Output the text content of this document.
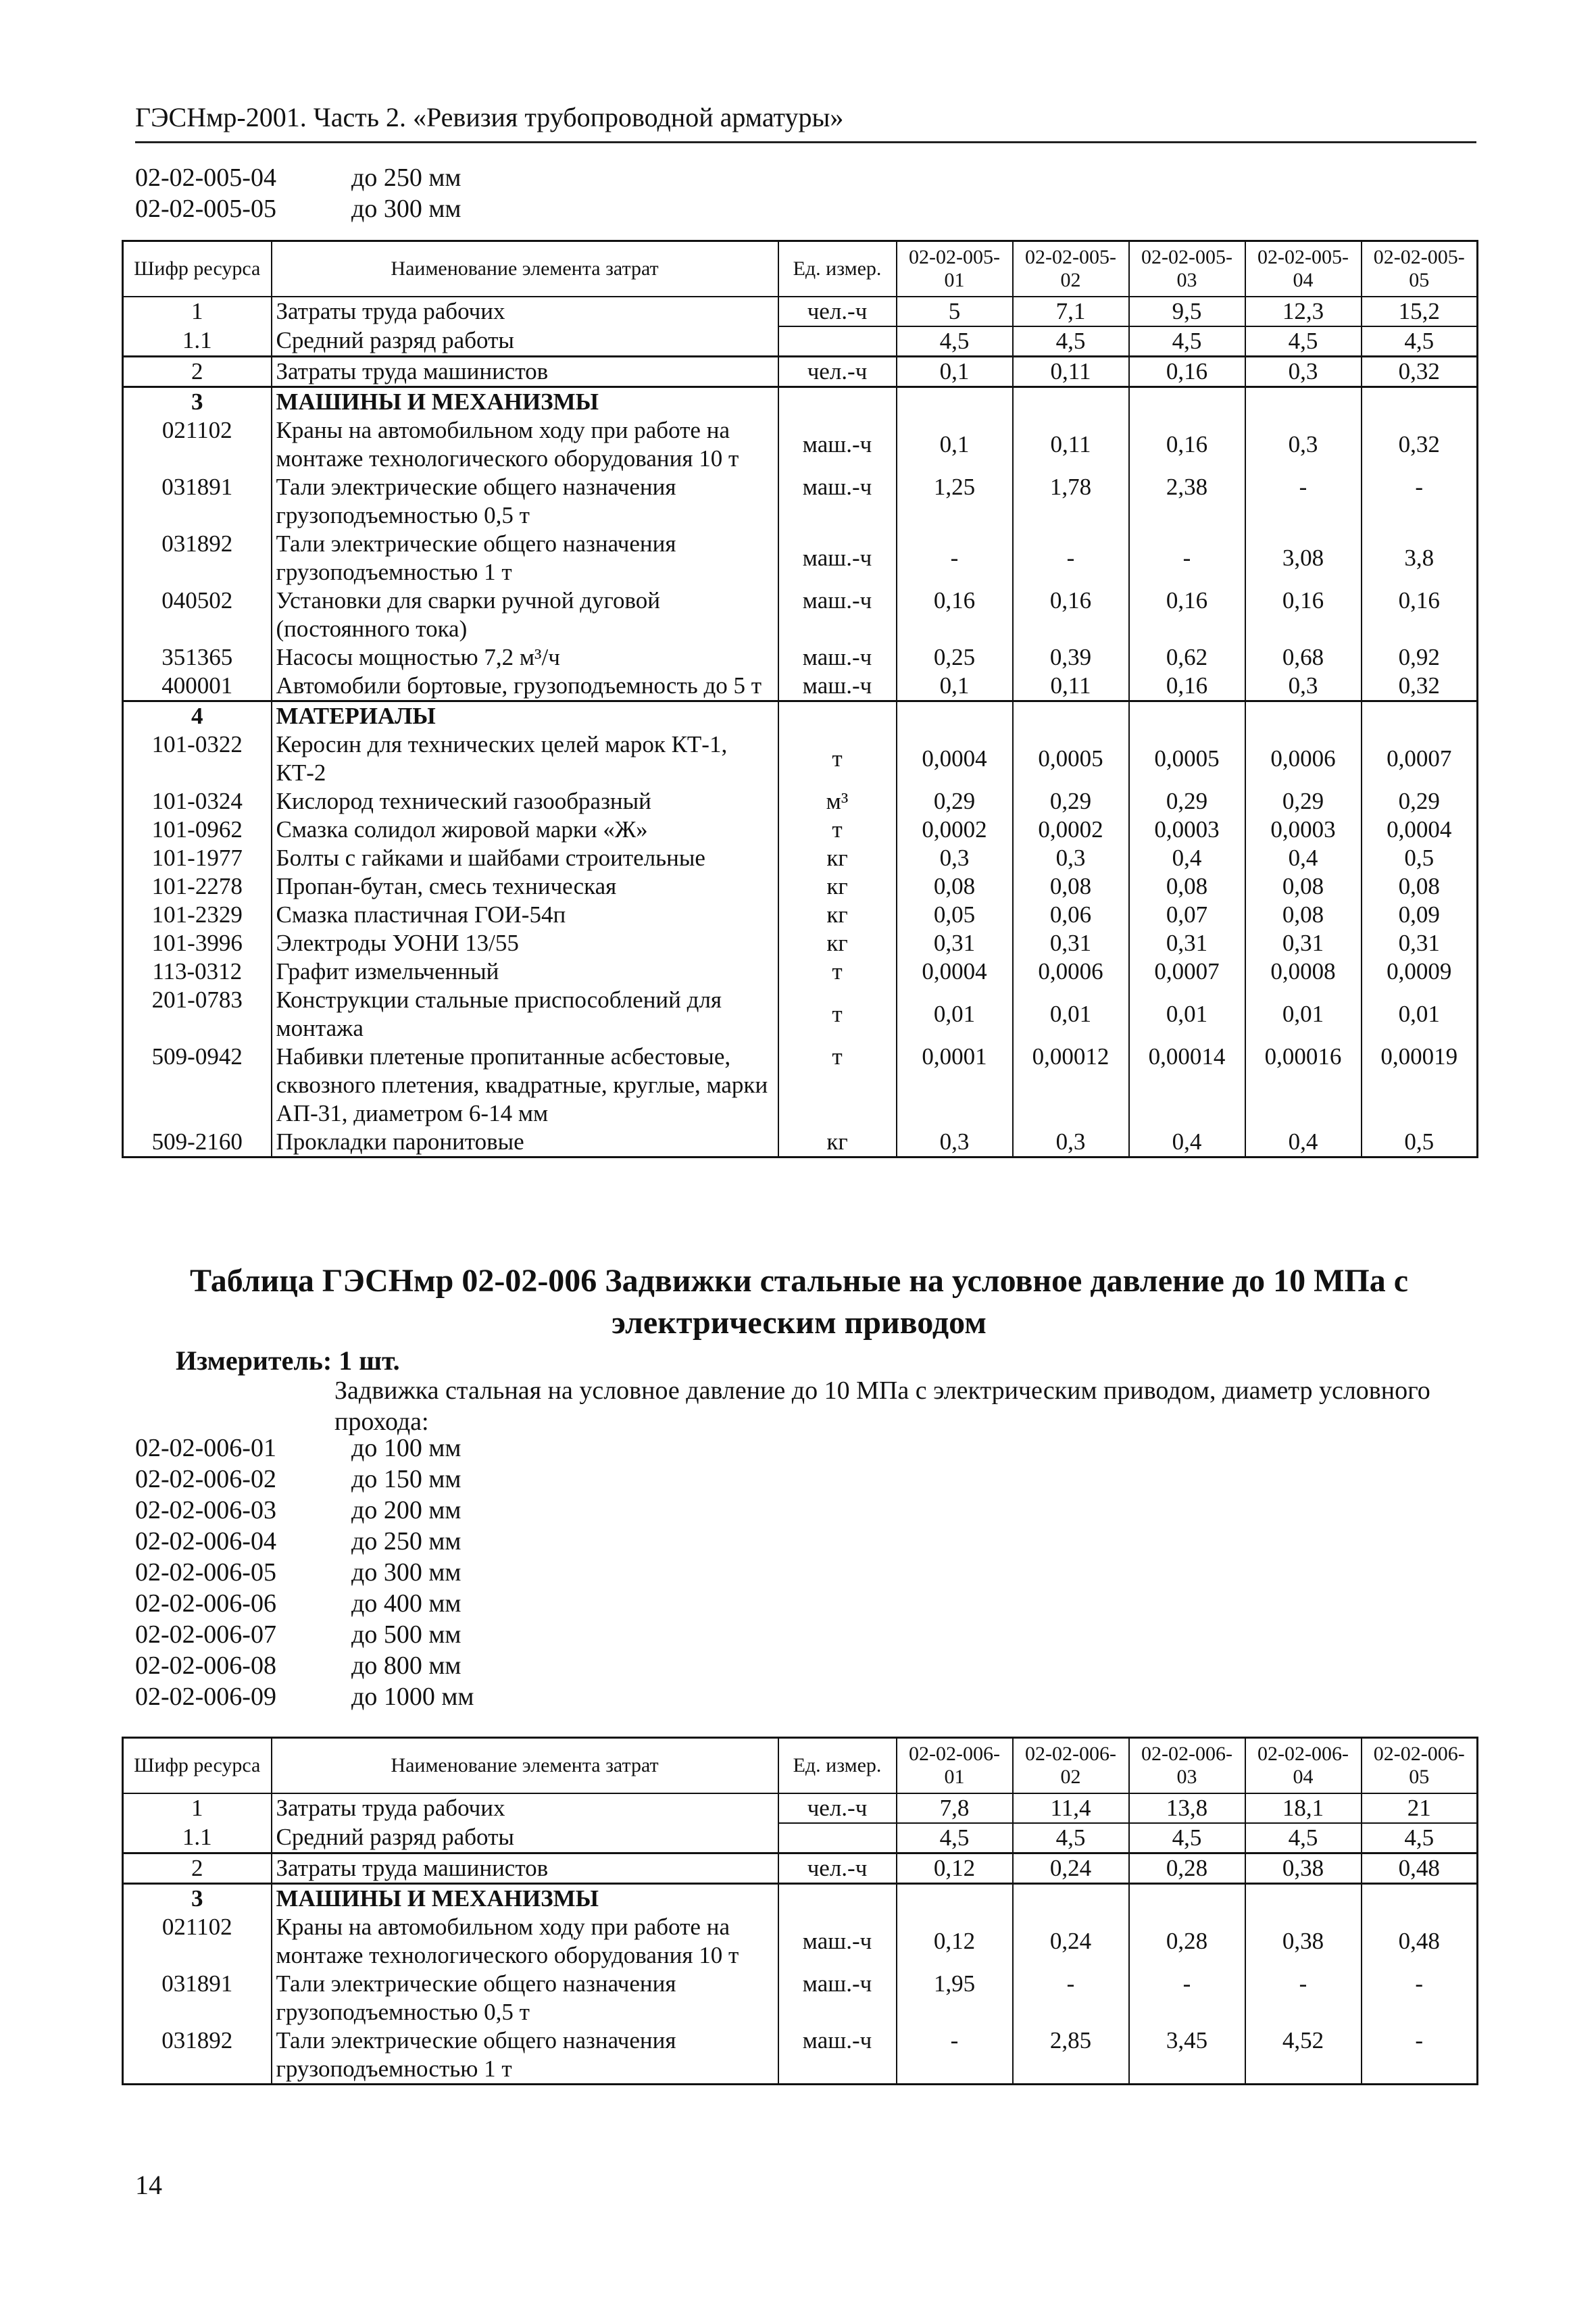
ГЭСНмр-2001. Часть 2. «Ревизия трубопроводной арматуры»
02-02-005-04	до 250 мм
02-02-005-05	до 300 мм
Шифр ресурса	Наименование элемента затрат	Ед. измер.	02-02-005-01	02-02-005-02	02-02-005-03	02-02-005-04	02-02-005-05
1	Затраты труда рабочих	чел.-ч	5	7,1	9,5	12,3	15,2
1.1	Средний разряд работы		4,5	4,5	4,5	4,5	4,5
2	Затраты труда машинистов	чел.-ч	0,1	0,11	0,16	0,3	0,32
3	МАШИНЫ И МЕХАНИЗМЫ						
021102	Краны на автомобильном ходу при работе на монтаже технологического оборудования 10 т	маш.-ч	0,1	0,11	0,16	0,3	0,32
031891	Тали электрические общего назначения грузоподъемностью 0,5 т	маш.-ч	1,25	1,78	2,38	-	-
031892	Тали электрические общего назначения грузоподъемностью 1 т	маш.-ч	-	-	-	3,08	3,8
040502	Установки для сварки ручной дуговой (постоянного тока)	маш.-ч	0,16	0,16	0,16	0,16	0,16
351365	Насосы мощностью 7,2 м³/ч	маш.-ч	0,25	0,39	0,62	0,68	0,92
400001	Автомобили бортовые, грузоподъемность до 5 т	маш.-ч	0,1	0,11	0,16	0,3	0,32
4	МАТЕРИАЛЫ						
101-0322	Керосин для технических целей марок КТ-1, КТ-2	т	0,0004	0,0005	0,0005	0,0006	0,0007
101-0324	Кислород технический газообразный	м³	0,29	0,29	0,29	0,29	0,29
101-0962	Смазка солидол жировой марки «Ж»	т	0,0002	0,0002	0,0003	0,0003	0,0004
101-1977	Болты с гайками и шайбами строительные	кг	0,3	0,3	0,4	0,4	0,5
101-2278	Пропан-бутан, смесь техническая	кг	0,08	0,08	0,08	0,08	0,08
101-2329	Смазка пластичная ГОИ-54п	кг	0,05	0,06	0,07	0,08	0,09
101-3996	Электроды УОНИ 13/55	кг	0,31	0,31	0,31	0,31	0,31
113-0312	Графит измельченный	т	0,0004	0,0006	0,0007	0,0008	0,0009
201-0783	Конструкции стальные приспособлений для монтажа	т	0,01	0,01	0,01	0,01	0,01
509-0942	Набивки плетеные пропитанные асбестовые, сквозного плетения, квадратные, круглые, марки АП-31, диаметром 6-14 мм	т	0,0001	0,00012	0,00014	0,00016	0,00019
509-2160	Прокладки паронитовые	кг	0,3	0,3	0,4	0,4	0,5
Таблица ГЭСНмр 02-02-006 Задвижки стальные на условное давление до 10 МПа с электрическим приводом
Измеритель: 1 шт.
Задвижка стальная на условное давление до 10 МПа с электрическим приводом, диаметр условного прохода:
02-02-006-01	до 100 мм
02-02-006-02	до 150 мм
02-02-006-03	до 200 мм
02-02-006-04	до 250 мм
02-02-006-05	до 300 мм
02-02-006-06	до 400 мм
02-02-006-07	до 500 мм
02-02-006-08	до 800 мм
02-02-006-09	до 1000 мм
Шифр ресурса	Наименование элемента затрат	Ед. измер.	02-02-006-01	02-02-006-02	02-02-006-03	02-02-006-04	02-02-006-05
1	Затраты труда рабочих	чел.-ч	7,8	11,4	13,8	18,1	21
1.1	Средний разряд работы		4,5	4,5	4,5	4,5	4,5
2	Затраты труда машинистов	чел.-ч	0,12	0,24	0,28	0,38	0,48
3	МАШИНЫ И МЕХАНИЗМЫ						
021102	Краны на автомобильном ходу при работе на монтаже технологического оборудования 10 т	маш.-ч	0,12	0,24	0,28	0,38	0,48
031891	Тали электрические общего назначения грузоподъемностью 0,5 т	маш.-ч	1,95	-	-	-	-
031892	Тали электрические общего назначения грузоподъемностью 1 т	маш.-ч	-	2,85	3,45	4,52	-
14
